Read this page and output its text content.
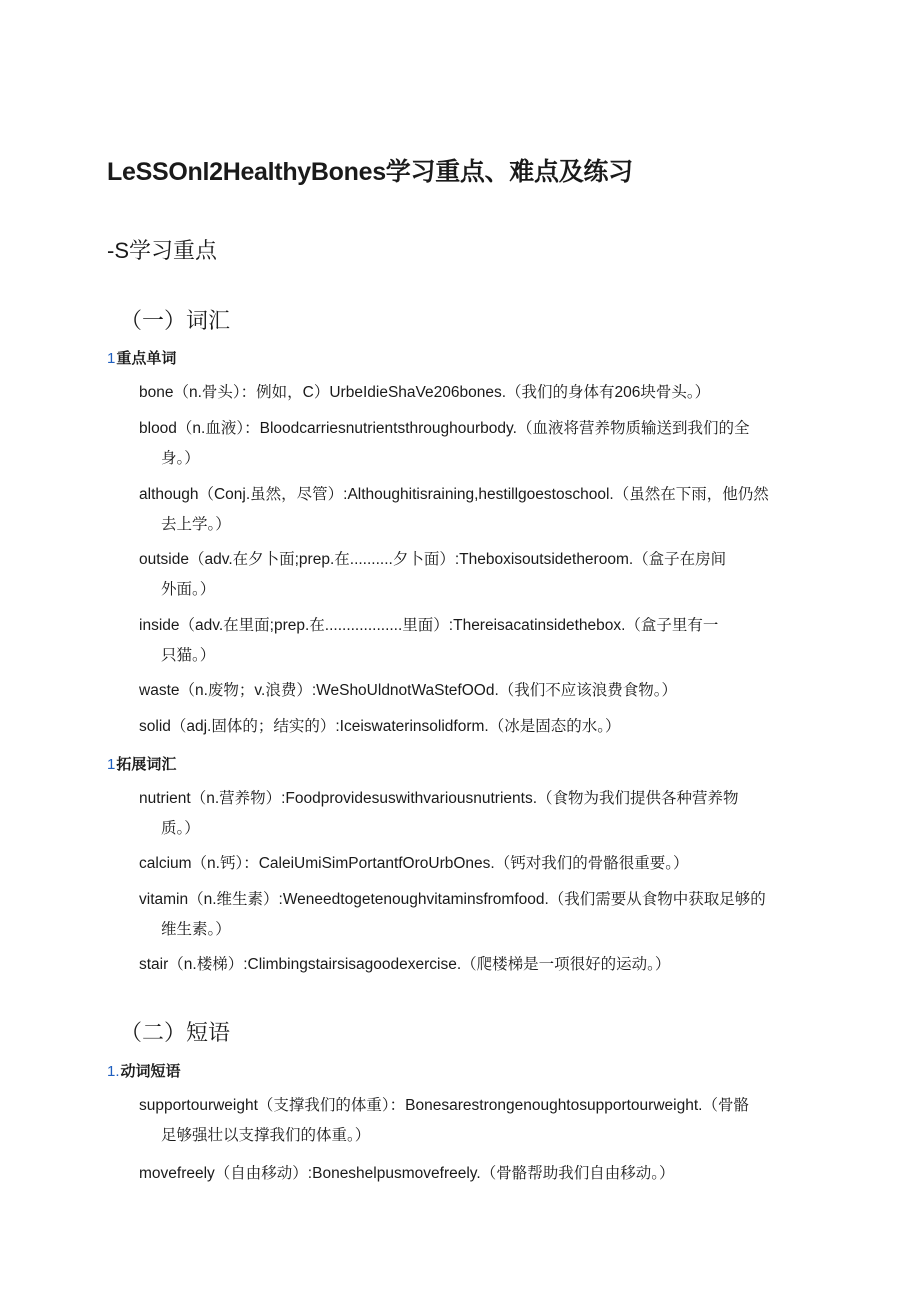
LeSSOnl2HealthyBones学习重点、难点及练习
-S学习重点
（一）词汇
1重点单词
bone（n.骨头）：例如，C）UrbeIdieShaVe206bones.（我们的身体有206块骨头。）
blood（n.血液）：Bloodcarriesnutrientsthroughourbody.（血液将营养物质输送到我们的全
身。）
although（Conj.虽然，尽管）:Althoughitisraining,hestillgoestoschool.（虽然在下雨，他仍然
去上学。）
outside（adv.在夕卜面;prep.在..........夕卜面）:Theboxisoutsidetheroom.（盒子在房间
外面。）
inside（adv.在里面;prep.在..................里面）:Thereisacatinsidethebox.（盒子里有一
只猫。）
waste（n.废物；v.浪费）:WeShoUldnotWaStefOOd.（我们不应该浪费食物。）
solid（adj.固体的；结实的）:Iceiswaterinsolidform.（冰是固态的水。）
1拓展词汇
nutrient（n.营养物）:Foodprovidesuswithvariousnutrients.（食物为我们提供各种营养物
质。）
calcium（n.钙）：CaleiUmiSimPortantfOroUrbOnes.（钙对我们的骨骼很重要。）
vitamin（n.维生素）:Weneedtogetenoughvitaminsfromfood.（我们需要从食物中获取足够的
维生素。）
stair（n.楼梯）:Climbingstairsisagoodexercise.（爬楼梯是一项很好的运动。）
（二）短语
1.动词短语
supportourweight（支撑我们的体重）：Bonesarestrongenoughtosupportourweight.（骨骼
足够强壮以支撑我们的体重。）
movefreely（自由移动）:Boneshelpusmovefreely.（骨骼帮助我们自由移动。）
